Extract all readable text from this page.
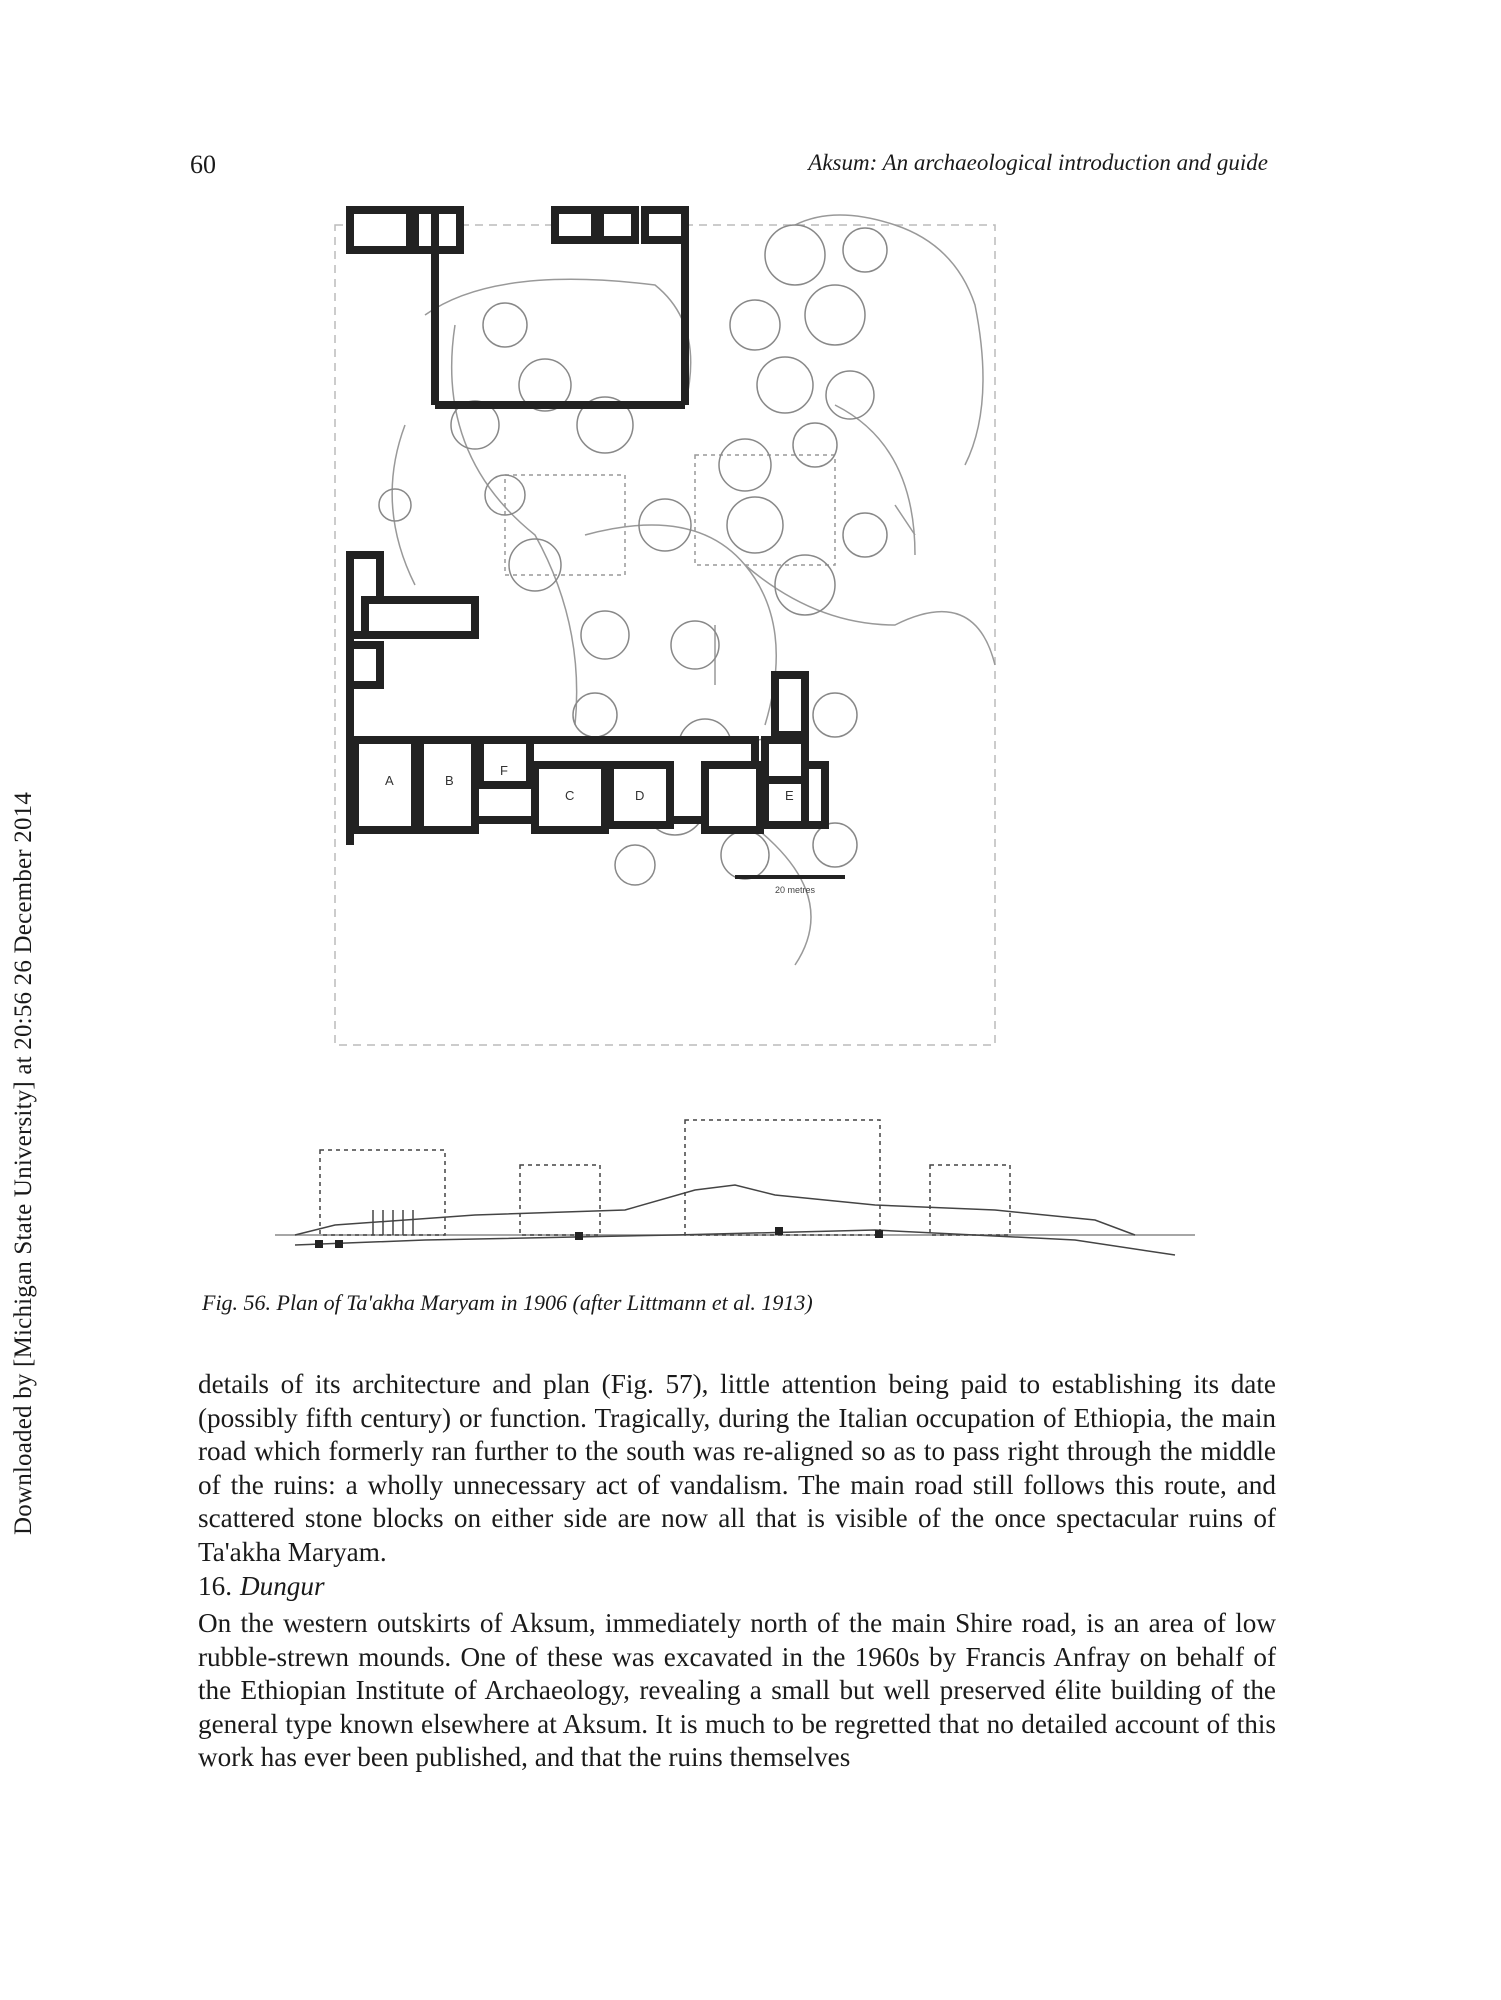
60	Aksum: An archaeological introduction and guide
Downloaded by [Michigan State University] at 20:56 26 December 2014	20 metres
A	B
F
C	D	E
Fig. 56. Plan of Ta'akha Maryam in 1906 (after Littmann et al. 1913)
details of its architecture and plan (Fig. 57), little attention being paid to establishing its date (possibly fifth century) or function. Tragically, during the Italian occupation of Ethiopia, the main road which formerly ran further to the south was re-aligned so as to pass right through the middle of the ruins: a wholly unnecessary act of vandalism. The main road still follows this route, and scattered stone blocks on either side are now all that is visible of the once spectacular ruins of Ta'akha Maryam.
16. Dungur
On the western outskirts of Aksum, immediately north of the main Shire road, is an area of low rubble-strewn mounds. One of these was excavated in the 1960s by Francis Anfray on behalf of the Ethiopian Institute of Archaeology, revealing a small but well preserved élite building of the general type known elsewhere at Aksum. It is much to be regretted that no detailed account of this work has ever been published, and that the ruins themselves
